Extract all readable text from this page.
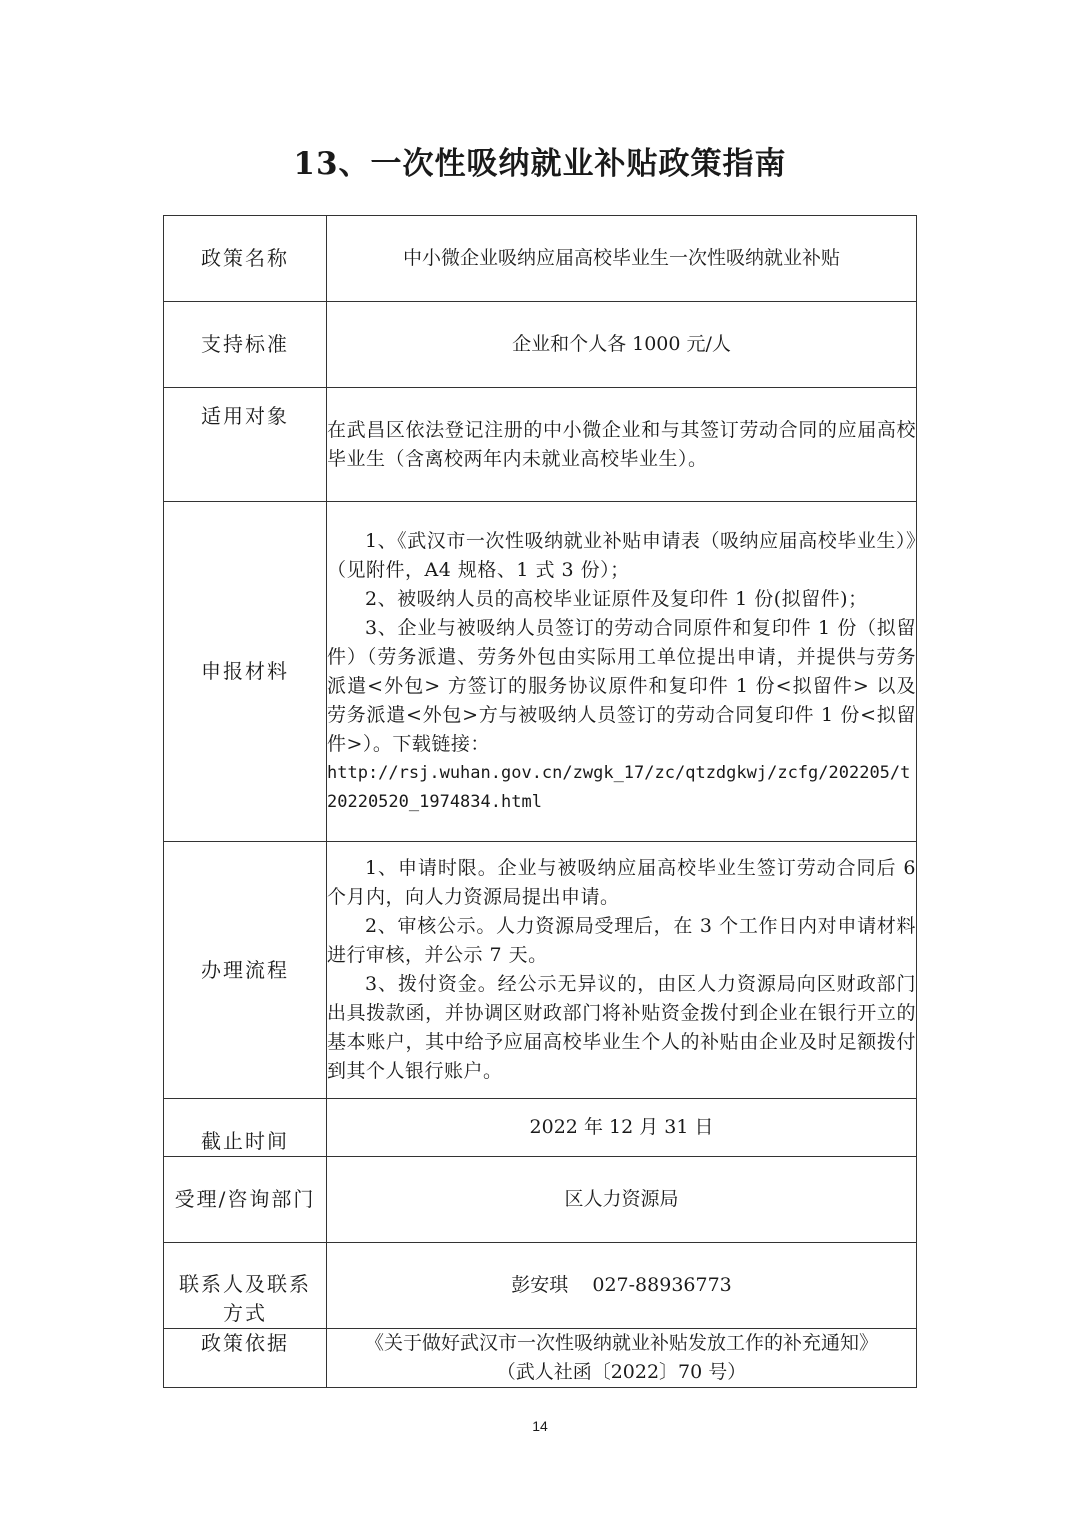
13、一次性吸纳就业补贴政策指南
政策名称	中小微企业吸纳应届高校毕业生一次性吸纳就业补贴
支持标准	企业和个人各 1000 元/人
适用对象	在武昌区依法登记注册的中小微企业和与其签订劳动合同的应届高校毕业生（含离校两年内未就业高校毕业生）。

申报材料	1、《武汉市一次性吸纳就业补贴申请表（吸纳应届高校毕业生）》（见附件，A4 规格、1 式 3 份）；
2、被吸纳人员的高校毕业证原件及复印件 1 份(拟留件)；
3、企业与被吸纳人员签订的劳动合同原件和复印件 1 份（拟留件）（劳务派遣、劳务外包由实际用工单位提出申请，并提供与劳务派遣<外包> 方签订的服务协议原件和复印件 1 份<拟留件> 以及劳务派遣<外包>方与被吸纳人员签订的劳动合同复印件 1 份<拟留件>）。下载链接：
http://rsj.wuhan.gov.cn/zwgk_17/zc/qtzdgkwj/zcfg/202205/t20220520_1974834.html

办理流程	1、申请时限。企业与被吸纳应届高校毕业生签订劳动合同后 6 个月内，向人力资源局提出申请。
2、审核公示。人力资源局受理后，在 3 个工作日内对申请材料进行审核，并公示 7 天。
3、拨付资金。经公示无异议的，由区人力资源局向区财政部门出具拨款函，并协调区财政部门将补贴资金拨付到企业在银行开立的基本账户，其中给予应届高校毕业生个人的补贴由企业及时足额拨付到其个人银行账户。

截止时间	2022 年 12 月 31 日
受理/咨询部门	区人力资源局
联系人及联系方式	彭安琪    027-88936773
政策依据	《关于做好武汉市一次性吸纳就业补贴发放工作的补充通知》（武人社函〔2022〕70 号）
14
